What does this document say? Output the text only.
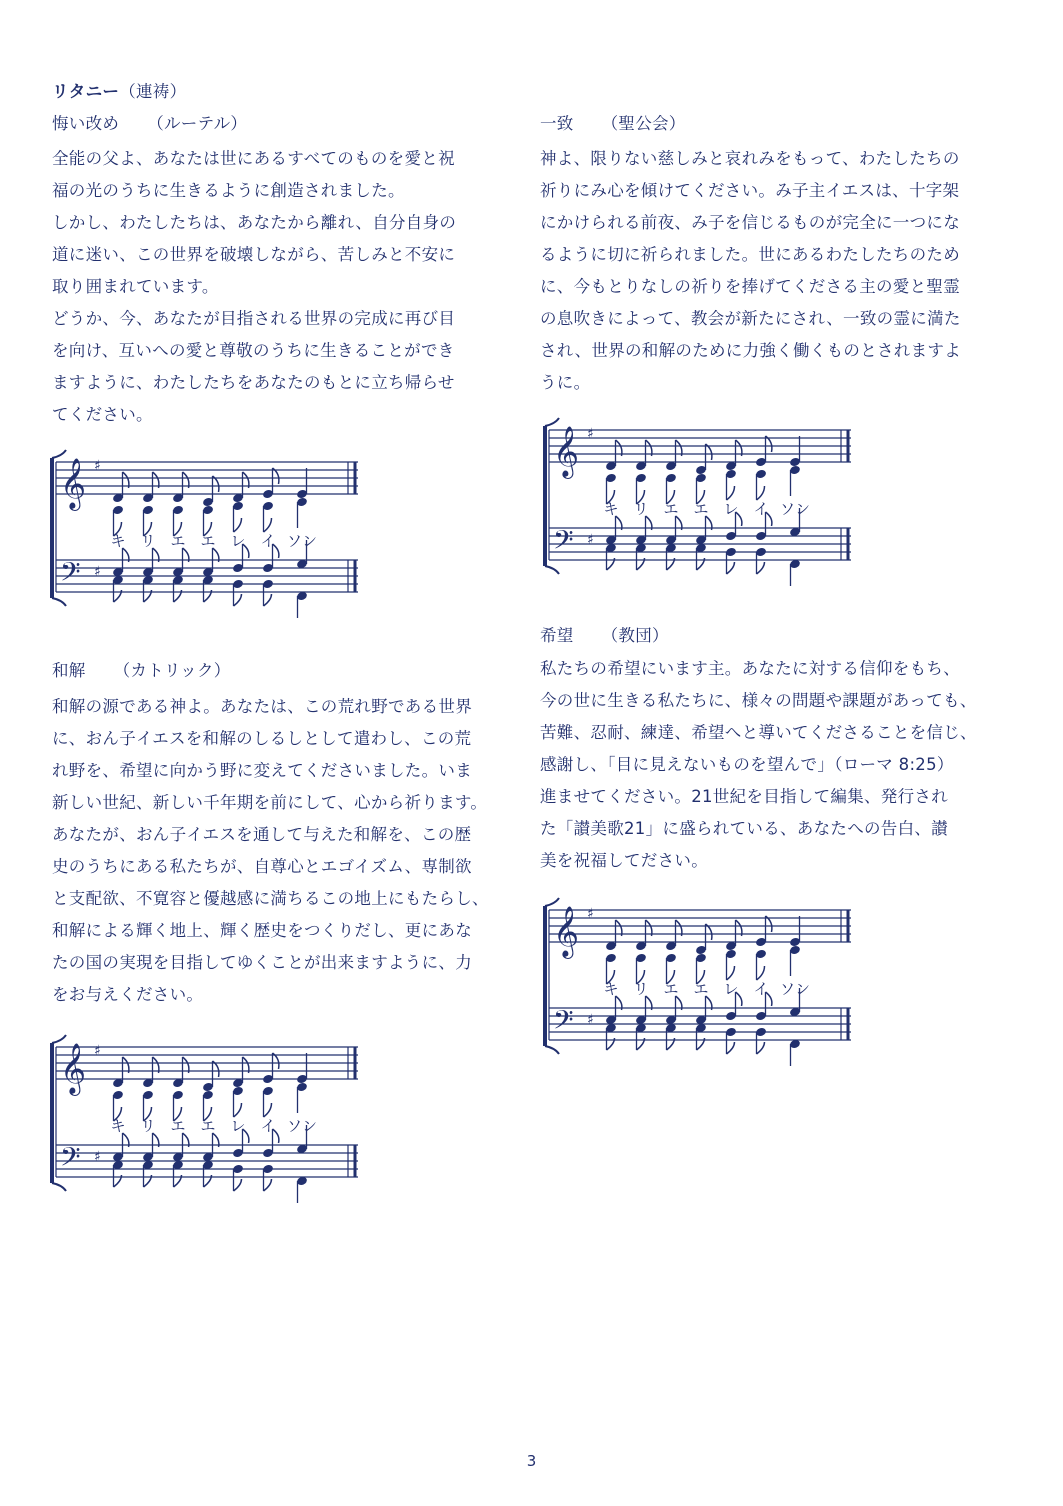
リタニー（連祷）
悔い改め （ルーテル）
全能の父よ、あなたは世にあるすべてのものを愛と祝
福の光のうちに生きるように創造されました。
しかし、わたしたちは、あなたから離れ、自分自身の
道に迷い、この世界を破壊しながら、苦しみと不安に
取り囲まれています。
どうか、今、あなたが目指される世界の完成に再び目
を向け、互いへの愛と尊敬のうちに生きることができ
ますように、わたしたちをあなたのもとに立ち帰らせ
てください。
𝄞
𝄢
♯
♯
キ リ エ エ レ イ ソン
和解 （カトリック）
和解の源である神よ。あなたは、この荒れ野である世界
に、おん子イエスを和解のしるしとして遣わし、この荒
れ野を、希望に向かう野に変えてくださいました。いま
新しい世紀、新しい千年期を前にして、心から祈ります。
あなたが、おん子イエスを通して与えた和解を、この歴
史のうちにある私たちが、自尊心とエゴイズム、専制欲
と支配欲、不寛容と優越感に満ちるこの地上にもたらし、
和解による輝く地上、輝く歴史をつくりだし、更にあな
たの国の実現を目指してゆくことが出来ますように、力
をお与えください。
𝄞
𝄢
♯
♯
キ リ エ エ レ イ ソン
一致 （聖公会）
神よ、限りない慈しみと哀れみをもって、わたしたちの
祈りにみ心を傾けてください。み子主イエスは、十字架
にかけられる前夜、み子を信じるものが完全に一つにな
るように切に祈られました。世にあるわたしたちのため
に、今もとりなしの祈りを捧げてくださる主の愛と聖霊
の息吹きによって、教会が新たにされ、一致の霊に満た
され、世界の和解のために力強く働くものとされますよ
うに。
𝄞
𝄢
♯
♯
キ リ エ エ レ イ ソン
希望 （教団）
私たちの希望にいます主。あなたに対する信仰をもち、
今の世に生きる私たちに、様々の問題や課題があっても、
苦難、忍耐、練達、希望へと導いてくださることを信じ、
感謝し、「目に見えないものを望んで」（ローマ 8:25）
進ませてください。21世紀を目指して編集、発行され
た「讃美歌21」に盛られている、あなたへの告白、讃
美を祝福してださい。
𝄞
𝄢
♯
♯
キ リ エ エ レ イ ソン
3
